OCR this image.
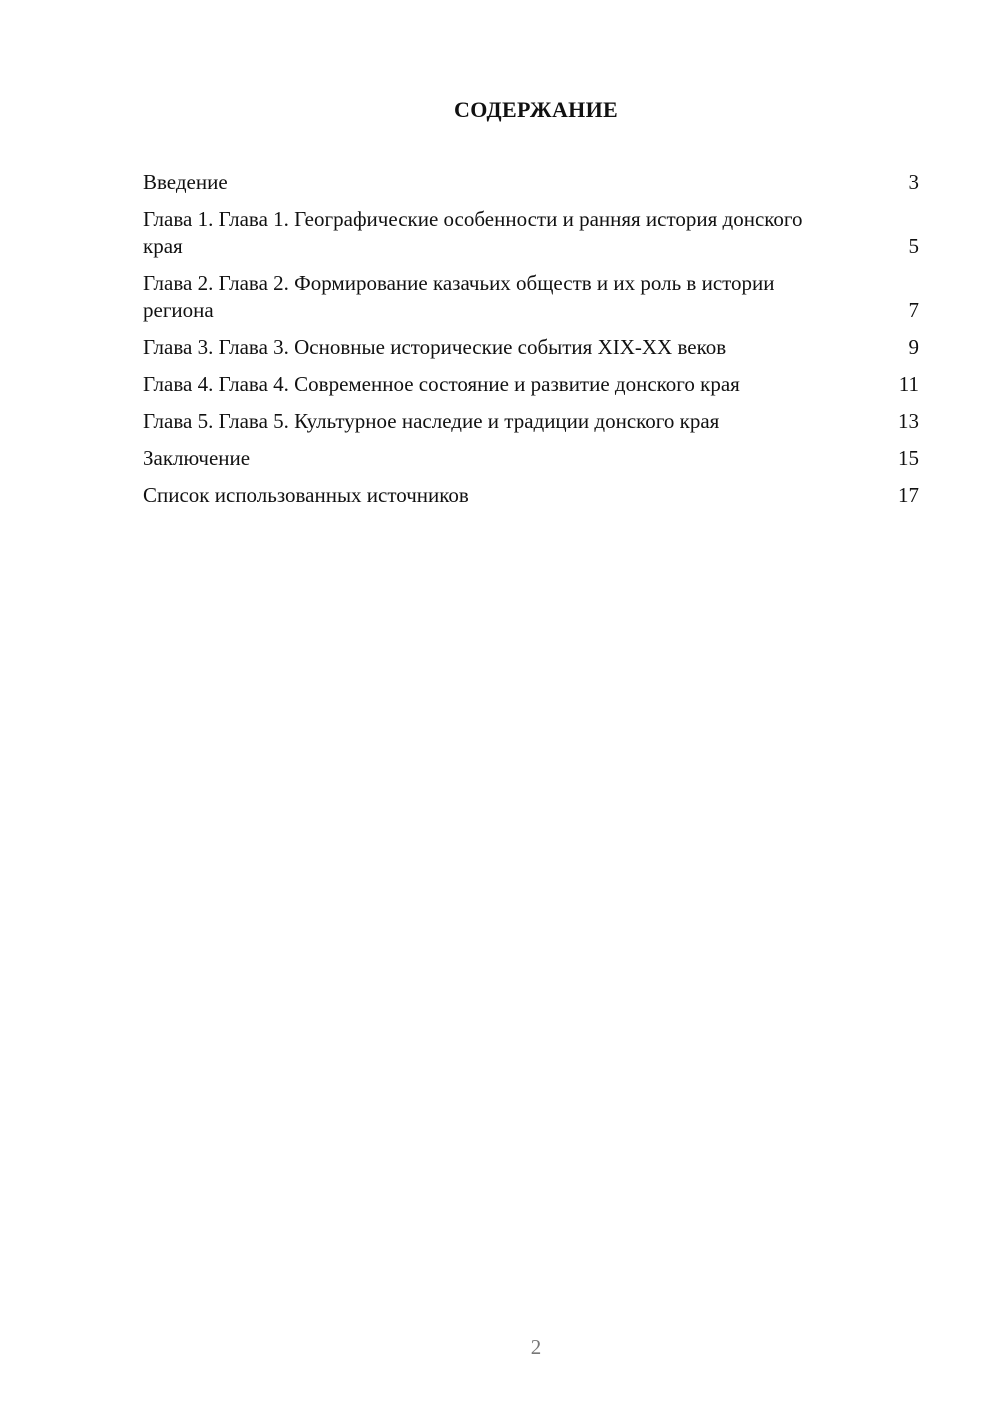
СОДЕРЖАНИЕ
Введение	3
Глава 1. Глава 1. Географические особенности и ранняя история донского края	5
Глава 2. Глава 2. Формирование казачьих обществ и их роль в истории региона	7
Глава 3. Глава 3. Основные исторические события XIX-XX веков	9
Глава 4. Глава 4. Современное состояние и развитие донского края	11
Глава 5. Глава 5. Культурное наследие и традиции донского края	13
Заключение	15
Список использованных источников	17
2
